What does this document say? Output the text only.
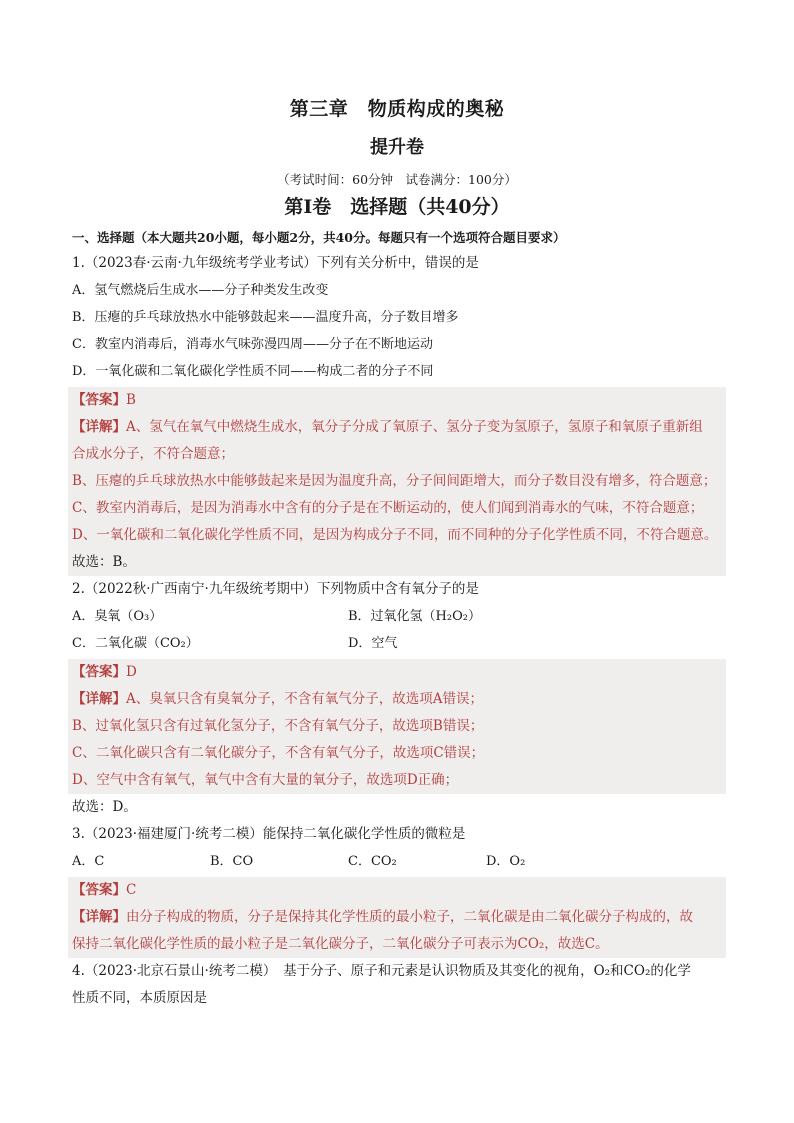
第三章　物质构成的奥秘
提升卷
（考试时间：60分钟　试卷满分：100分）
第Ⅰ卷　选择题（共40分）
一、选择题（本大题共20小题，每小题2分，共40分。每题只有一个选项符合题目要求）
1.（2023春·云南·九年级统考学业考试）下列有关分析中，错误的是
A．氢气燃烧后生成水——分子种类发生改变
B．压瘪的乒乓球放热水中能够鼓起来——温度升高，分子数目增多
C．教室内消毒后，消毒水气味弥漫四周——分子在不断地运动
D．一氧化碳和二氧化碳化学性质不同——构成二者的分子不同
【答案】B
【详解】A、氢气在氧气中燃烧生成水，氧分子分成了氧原子、氢分子变为氢原子，氢原子和氧原子重新组
合成水分子，不符合题意；
B、压瘪的乒乓球放热水中能够鼓起来是因为温度升高，分子间间距增大，而分子数目没有增多，符合题意；
C、教室内消毒后，是因为消毒水中含有的分子是在不断运动的，使人们闻到消毒水的气味，不符合题意；
D、一氧化碳和二氧化碳化学性质不同，是因为构成分子不同，而不同种的分子化学性质不同，不符合题意。
故选：B。
2.（2022秋·广西南宁·九年级统考期中）下列物质中含有氧分子的是
A．臭氧（O₃）	B．过氧化氢（H₂O₂）
C．二氧化碳（CO₂）	D．空气
【答案】D
【详解】A、臭氧只含有臭氧分子，不含有氧气分子，故选项A错误；
B、过氧化氢只含有过氧化氢分子，不含有氧气分子，故选项B错误；
C、二氧化碳只含有二氧化碳分子，不含有氧气分子，故选项C错误；
D、空气中含有氧气，氧气中含有大量的氧分子，故选项D正确；
故选：D。
3.（2023·福建厦门·统考二模）能保持二氧化碳化学性质的微粒是
A．C	B．CO	C．CO₂	D．O₂
【答案】C
【详解】由分子构成的物质，分子是保持其化学性质的最小粒子，二氧化碳是由二氧化碳分子构成的，故
保持二氧化碳化学性质的最小粒子是二氧化碳分子，二氧化碳分子可表示为CO₂，故选C。
4.（2023·北京石景山·统考二模）　基于分子、原子和元素是认识物质及其变化的视角，O₂和CO₂的化学
性质不同，本质原因是
